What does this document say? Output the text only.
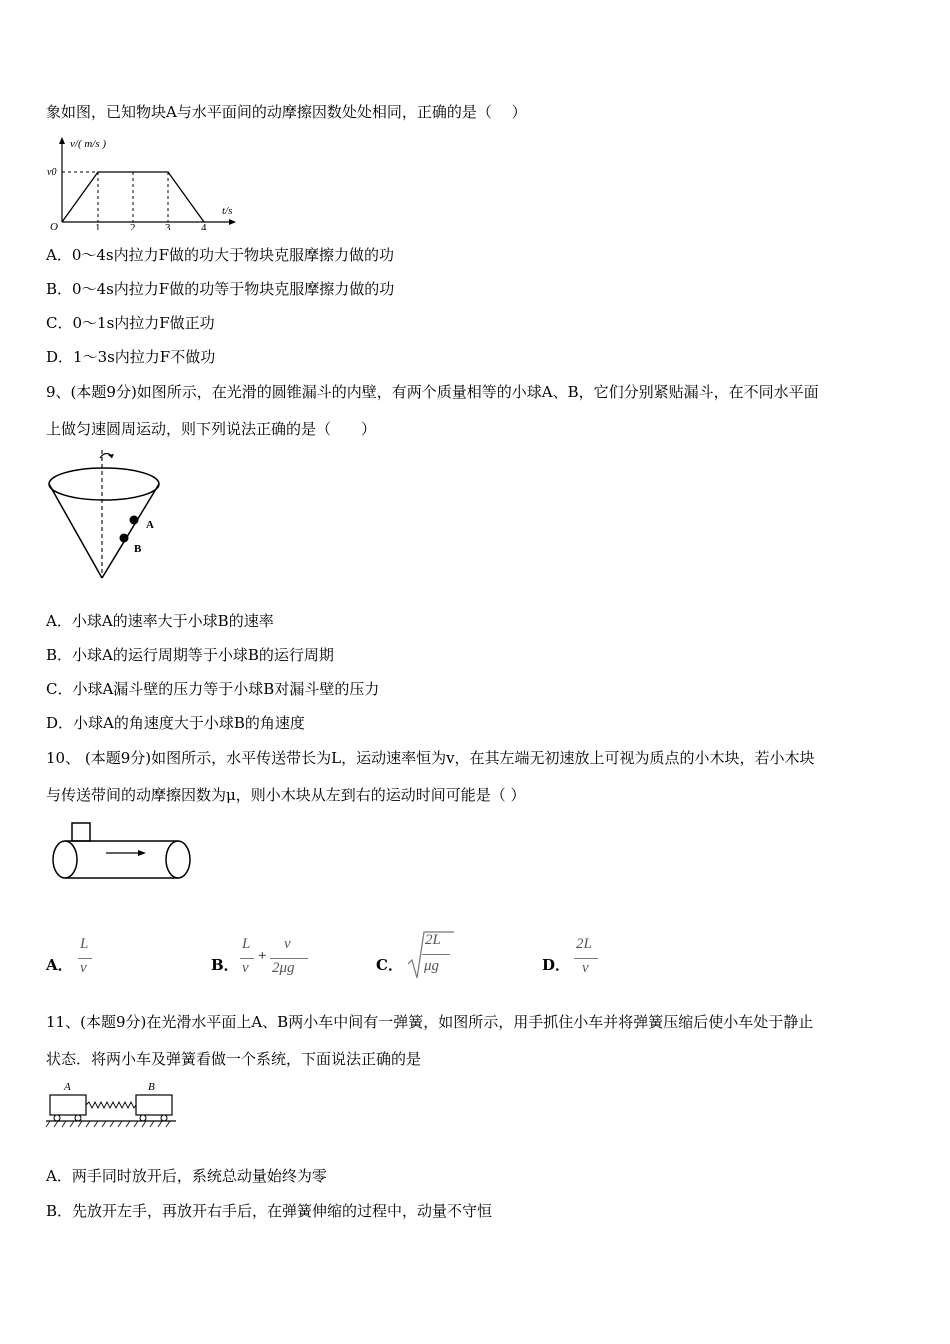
象如图，已知物块A与水平面间的动摩擦因数处处相同，正确的是（　 ）
v/( m/s )
v0
O
t/s
1	2	3	4
A．0～4s内拉力F做的功大于物块克服摩擦力做的功
B．0～4s内拉力F做的功等于物块克服摩擦力做的功
C．0～1s内拉力F做正功
D．1～3s内拉力F不做功
9、(本题9分)如图所示，在光滑的圆锥漏斗的内壁，有两个质量相等的小球A、B，它们分别紧贴漏斗，在不同水平面
上做匀速圆周运动，则下列说法正确的是（　　）
A
B
A．小球A的速率大于小球B的速率
B．小球A的运行周期等于小球B的运行周期
C．小球A漏斗壁的压力等于小球B对漏斗壁的压力
D．小球A的角速度大于小球B的角速度
10、 (本题9分)如图所示，水平传送带长为L，运动速率恒为v，在其左端无初速放上可视为质点的小木块，若小木块
与传送带间的动摩擦因数为μ，则小木块从左到右的运动时间可能是（ ）
A．
L
v	B．
L
v
+
v
2μg	C．
2L
μg	D．
2L
v
11、(本题9分)在光滑水平面上A、B两小车中间有一弹簧，如图所示，用手抓住小车并将弹簧压缩后使小车处于静止
状态．将两小车及弹簧看做一个系统，下面说法正确的是
A	B
A．两手同时放开后，系统总动量始终为零
B．先放开左手，再放开右手后，在弹簧伸缩的过程中，动量不守恒
